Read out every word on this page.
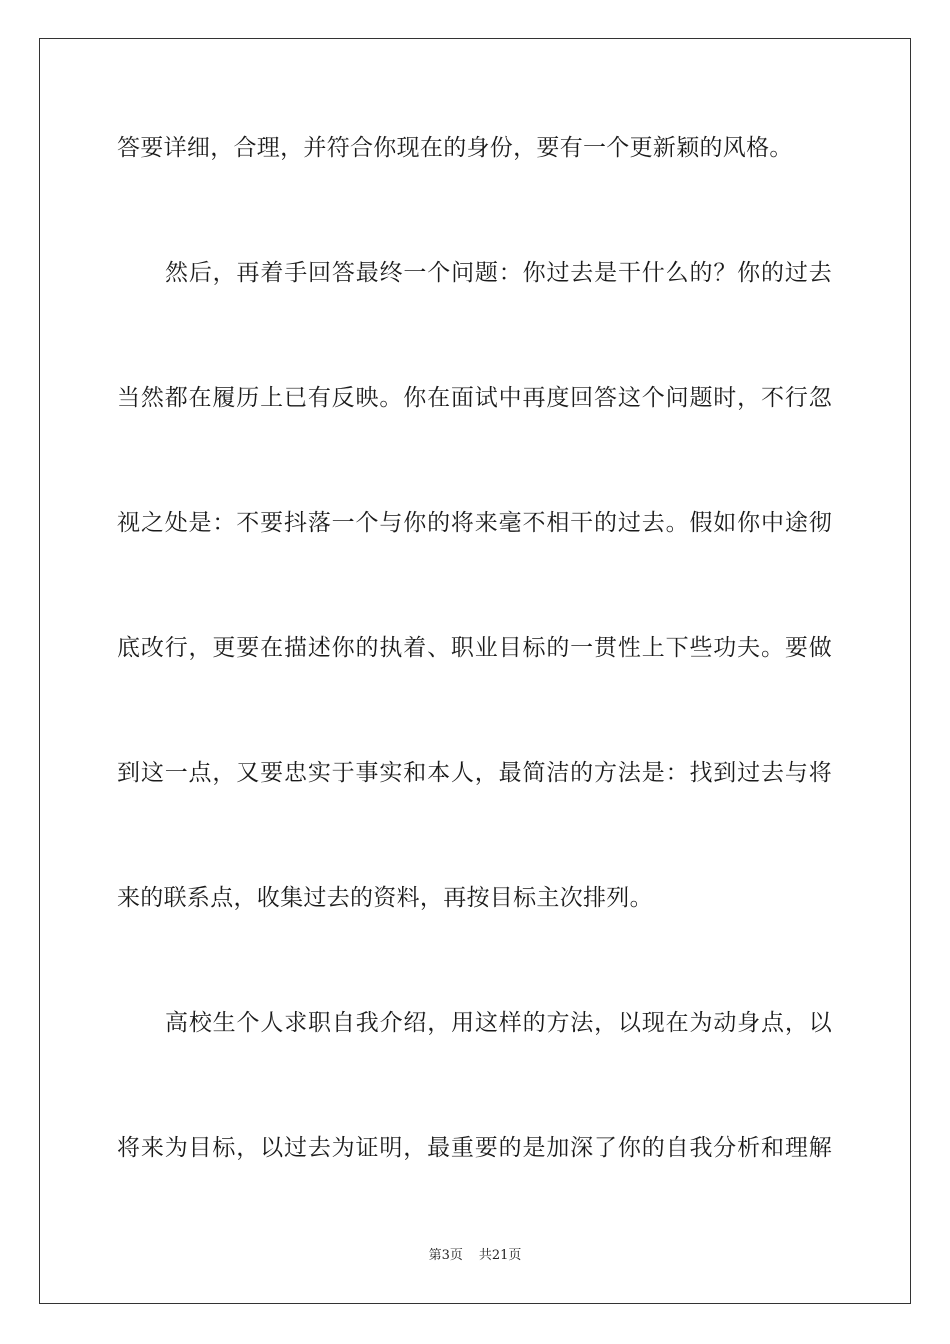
答要详细，合理，并符合你现在的身份，要有一个更新颖的风格。
然后，再着手回答最终一个问题：你过去是干什么的？你的过去
当然都在履历上已有反映。你在面试中再度回答这个问题时，不行忽
视之处是：不要抖落一个与你的将来毫不相干的过去。假如你中途彻
底改行，更要在描述你的执着、职业目标的一贯性上下些功夫。要做
到这一点，又要忠实于事实和本人，最简洁的方法是：找到过去与将
来的联系点，收集过去的资料，再按目标主次排列。
高校生个人求职自我介绍，用这样的方法，以现在为动身点，以
将来为目标，以过去为证明，最重要的是加深了你的自我分析和理解
第3页 共21页
